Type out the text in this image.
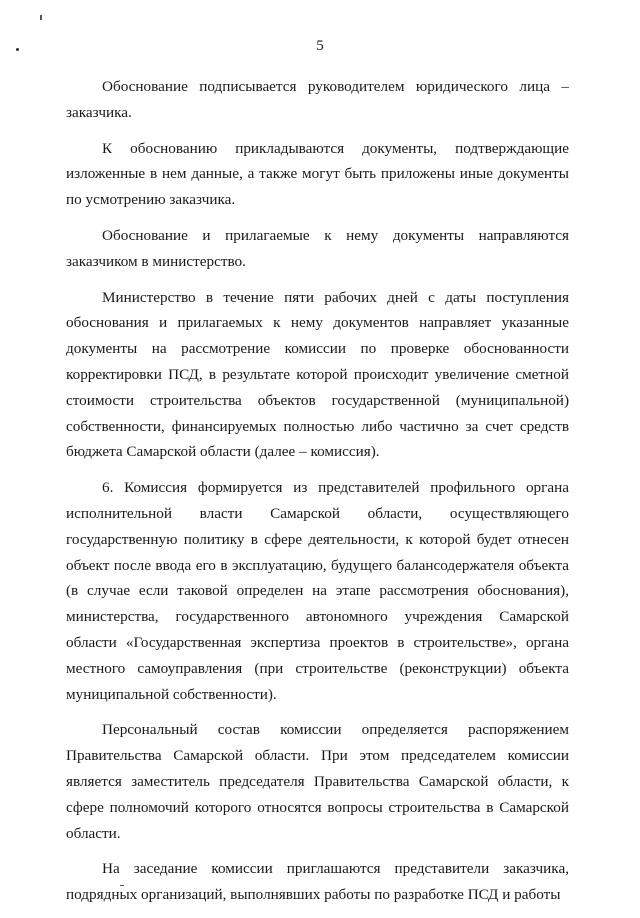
5

Обоснование подписывается руководителем юридического лица – заказчика.

К обоснованию прикладываются документы, подтверждающие изложенные в нем данные, а также могут быть приложены иные документы по усмотрению заказчика.

Обоснование и прилагаемые к нему документы направляются заказчиком в министерство.

Министерство в течение пяти рабочих дней с даты поступления обоснования и прилагаемых к нему документов направляет указанные документы на рассмотрение комиссии по проверке обоснованности корректировки ПСД, в результате которой происходит увеличение сметной стоимости строительства объектов государственной (муниципальной) собственности, финансируемых полностью либо частично за счет средств бюджета Самарской области (далее – комиссия).

6. Комиссия формируется из представителей профильного органа исполнительной власти Самарской области, осуществляющего государственную политику в сфере деятельности, к которой будет отнесен объект после ввода его в эксплуатацию, будущего балансодержателя объекта (в случае если таковой определен на этапе рассмотрения обоснования), министерства, государственного автономного учреждения Самарской области «Государственная экспертиза проектов в строительстве», органа местного самоуправления (при строительстве (реконструкции) объекта муниципальной собственности).

Персональный состав комиссии определяется распоряжением Правительства Самарской области. При этом председателем комиссии является заместитель председателя Правительства Самарской области, к сфере полномочий которого относятся вопросы строительства в Самарской области.

На заседание комиссии приглашаются представители заказчика, подрядных организаций, выполнявших работы по разработке ПСД и работы
